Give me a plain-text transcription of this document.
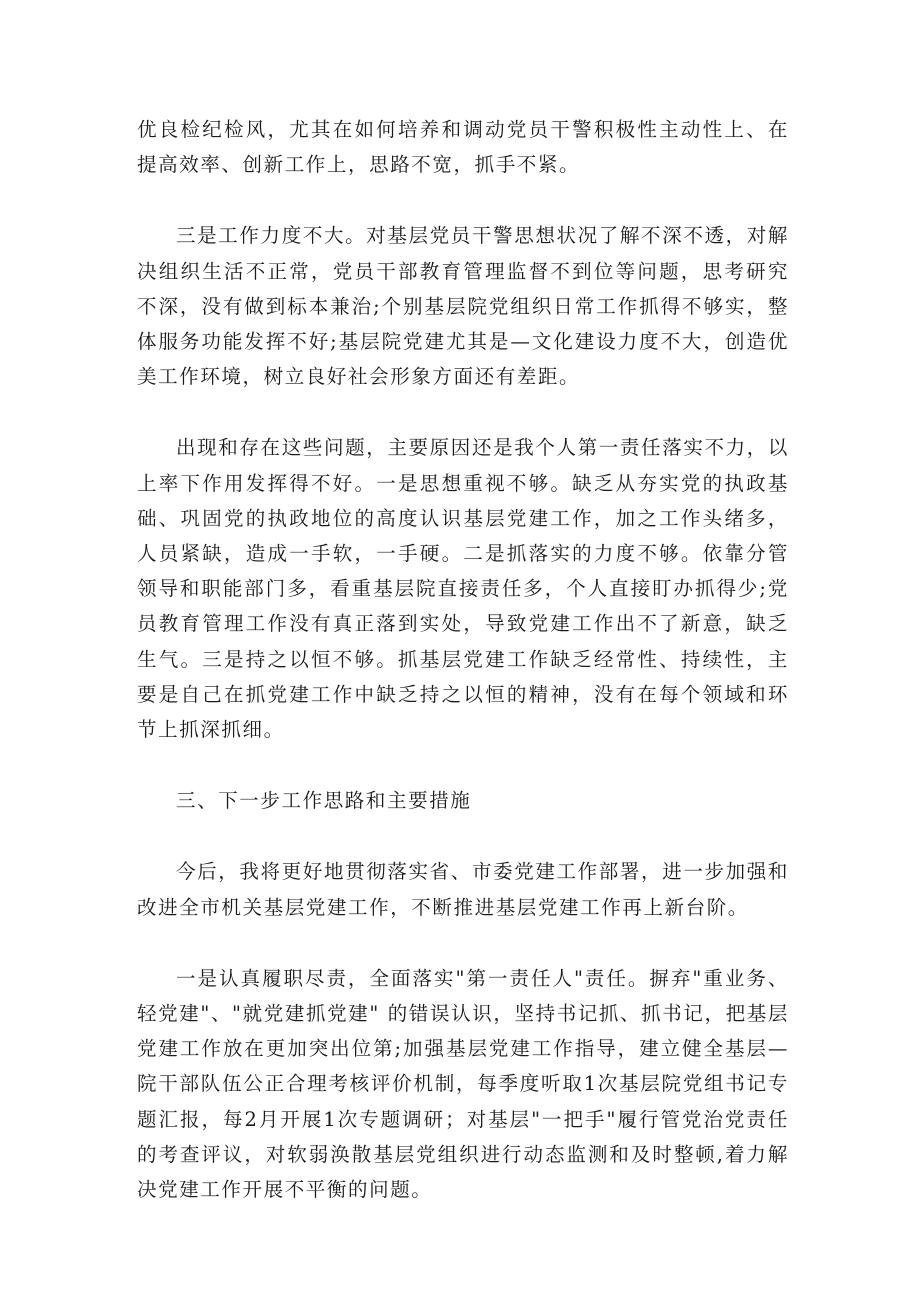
优良检纪检风，尤其在如何培养和调动党员干警积极性主动性上、在提高效率、创新工作上，思路不宽，抓手不紧。

三是工作力度不大。对基层党员干警思想状况了解不深不透，对解决组织生活不正常，党员干部教育管理监督不到位等问题，思考研究不深，没有做到标本兼治;个别基层院党组织日常工作抓得不够实，整体服务功能发挥不好;基层院党建尤其是—文化建设力度不大，创造优美工作环境，树立良好社会形象方面还有差距。

出现和存在这些问题，主要原因还是我个人第一责任落实不力，以上率下作用发挥得不好。一是思想重视不够。缺乏从夯实党的执政基础、巩固党的执政地位的高度认识基层党建工作，加之工作头绪多，人员紧缺，造成一手软，一手硬。二是抓落实的力度不够。依靠分管领导和职能部门多，看重基层院直接责任多，个人直接盯办抓得少;党员教育管理工作没有真正落到实处，导致党建工作出不了新意，缺乏生气。三是持之以恒不够。抓基层党建工作缺乏经常性、持续性，主要是自己在抓党建工作中缺乏持之以恒的精神，没有在每个领域和环节上抓深抓细。

三、下一步工作思路和主要措施

今后，我将更好地贯彻落实省、市委党建工作部署，进一步加强和改进全市机关基层党建工作，不断推进基层党建工作再上新台阶。

一是认真履职尽责，全面落实"第一责任人"责任。摒弃"重业务、轻党建"、"就党建抓党建" 的错误认识，坚持书记抓、抓书记，把基层党建工作放在更加突出位第;加强基层党建工作指导，建立健全基层—院干部队伍公正合理考核评价机制，每季度听取1次基层院党组书记专题汇报，每2月开展1次专题调研；对基层"一把手"履行管党治党责任的考查评议，对软弱涣散基层党组织进行动态监测和及时整顿,着力解决党建工作开展不平衡的问题。
